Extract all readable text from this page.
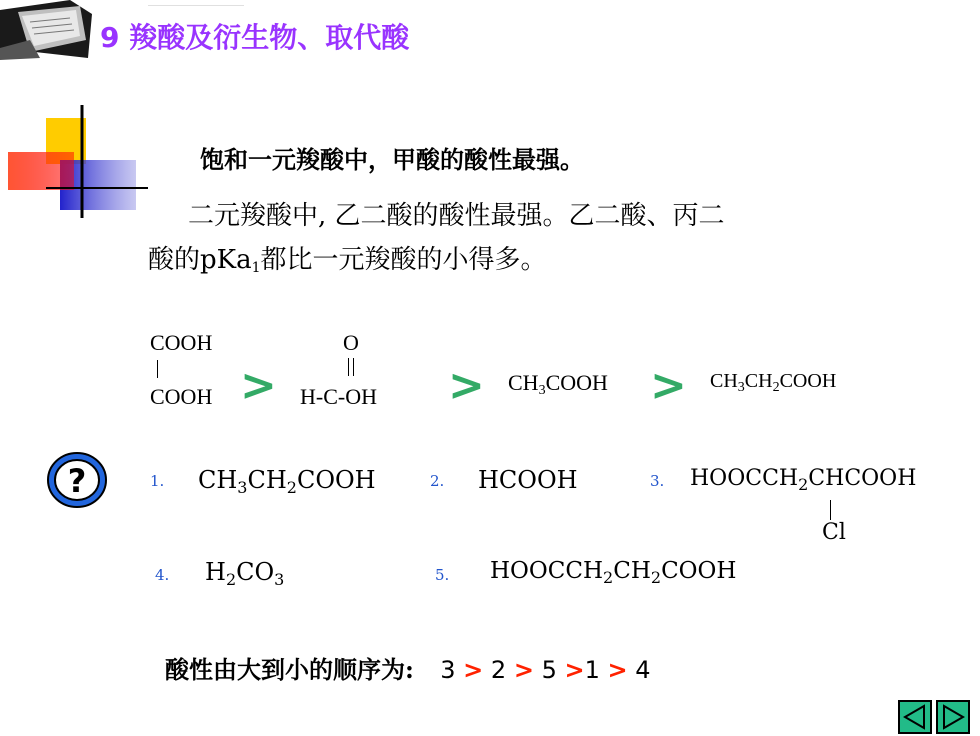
9 羧酸及衍生物、取代酸
饱和一元羧酸中，甲酸的酸性最强。
二元羧酸中, 乙二酸的酸性最强。乙二酸、丙二
酸的pKa$_1$都比一元羧酸的小得多。
COOH
COOH >
O
$H-C-OH > CH_3COOH$ > $CH_3CH_2COOH$
?	1. $CH_3CH_2COOH$	2. HCOOH	3. $HOOCCH_2CHCOOH$
Cl
4. $H_2CO_3$	5. $HOOCCH_2CH_2COOH$
酸性由大到小的顺序为: 3 > 2 > 5 >1 > 4
